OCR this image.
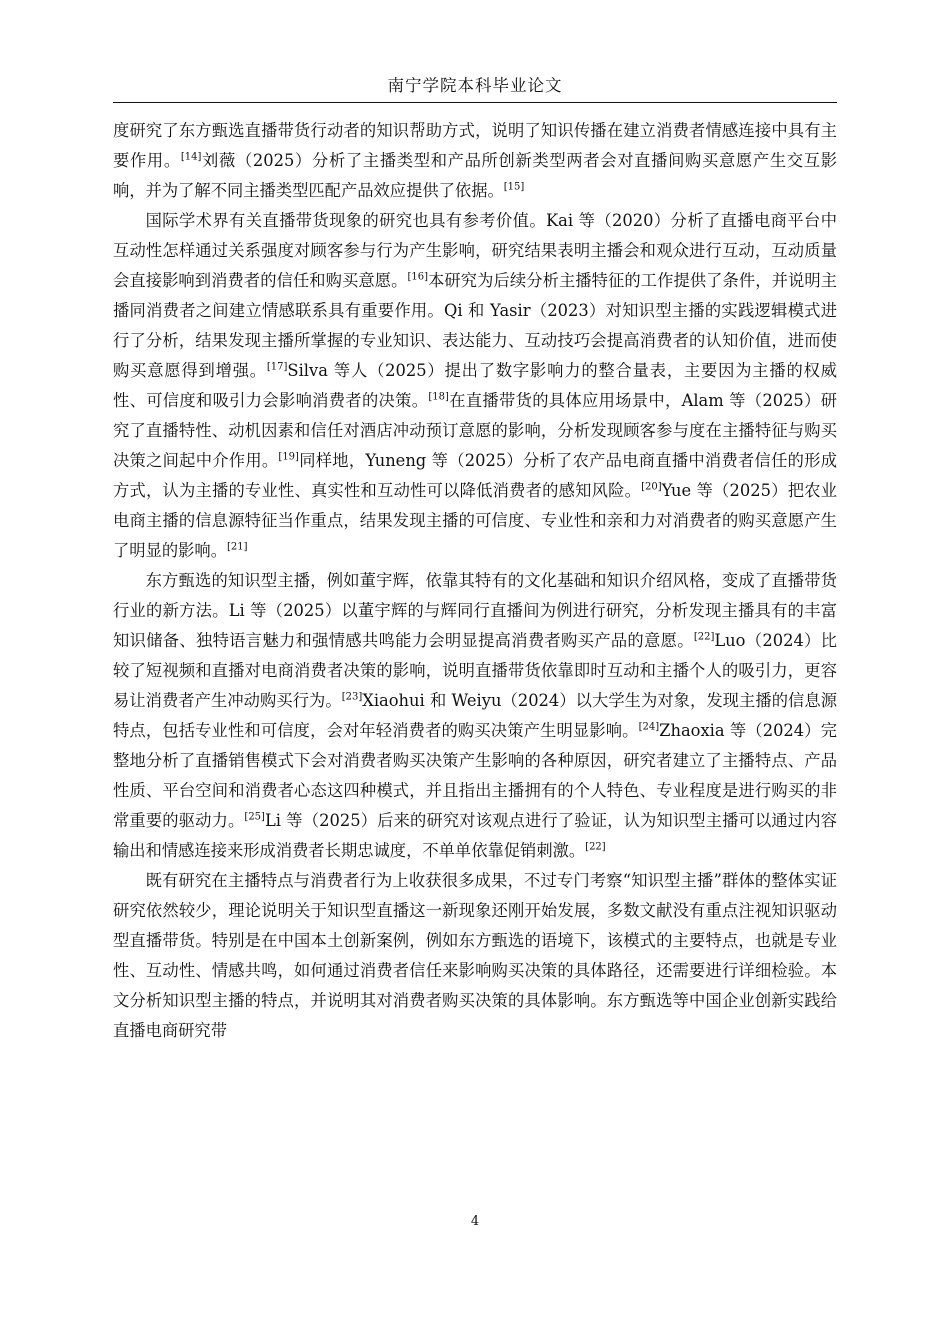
南宁学院本科毕业论文

度研究了东方甄选直播带货行动者的知识帮助方式，说明了知识传播在建立消费者情感连接中具有主要作用。[14]刘薇（2025）分析了主播类型和产品所创新类型两者会对直播间购买意愿产生交互影响，并为了解不同主播类型匹配产品效应提供了依据。[15]

国际学术界有关直播带货现象的研究也具有参考价值。Kai 等（2020）分析了直播电商平台中互动性怎样通过关系强度对顾客参与行为产生影响，研究结果表明主播会和观众进行互动，互动质量会直接影响到消费者的信任和购买意愿。[16]本研究为后续分析主播特征的工作提供了条件，并说明主播同消费者之间建立情感联系具有重要作用。Qi 和 Yasir（2023）对知识型主播的实践逻辑模式进行了分析，结果发现主播所掌握的专业知识、表达能力、互动技巧会提高消费者的认知价值，进而使购买意愿得到增强。[17]Silva 等人（2025）提出了数字影响力的整合量表，主要因为主播的权威性、可信度和吸引力会影响消费者的决策。[18]在直播带货的具体应用场景中，Alam 等（2025）研究了直播特性、动机因素和信任对酒店冲动预订意愿的影响，分析发现顾客参与度在主播特征与购买决策之间起中介作用。[19]同样地，Yuneng 等（2025）分析了农产品电商直播中消费者信任的形成方式，认为主播的专业性、真实性和互动性可以降低消费者的感知风险。[20]Yue 等（2025）把农业电商主播的信息源特征当作重点，结果发现主播的可信度、专业性和亲和力对消费者的购买意愿产生了明显的影响。[21]

东方甄选的知识型主播，例如董宇辉，依靠其特有的文化基础和知识介绍风格，变成了直播带货行业的新方法。Li 等（2025）以董宇辉的与辉同行直播间为例进行研究，分析发现主播具有的丰富知识储备、独特语言魅力和强情感共鸣能力会明显提高消费者购买产品的意愿。[22]Luo（2024）比较了短视频和直播对电商消费者决策的影响，说明直播带货依靠即时互动和主播个人的吸引力，更容易让消费者产生冲动购买行为。[23]Xiaohui 和 Weiyu（2024）以大学生为对象，发现主播的信息源特点，包括专业性和可信度，会对年轻消费者的购买决策产生明显影响。[24]Zhaoxia 等（2024）完整地分析了直播销售模式下会对消费者购买决策产生影响的各种原因，研究者建立了主播特点、产品性质、平台空间和消费者心态这四种模式，并且指出主播拥有的个人特色、专业程度是进行购买的非常重要的驱动力。[25]Li 等（2025）后来的研究对该观点进行了验证，认为知识型主播可以通过内容输出和情感连接来形成消费者长期忠诚度，不单单依靠促销刺激。[22]

既有研究在主播特点与消费者行为上收获很多成果，不过专门考察“知识型主播”群体的整体实证研究依然较少，理论说明关于知识型直播这一新现象还刚开始发展，多数文献没有重点注视知识驱动型直播带货。特别是在中国本土创新案例，例如东方甄选的语境下，该模式的主要特点，也就是专业性、互动性、情感共鸣，如何通过消费者信任来影响购买决策的具体路径，还需要进行详细检验。本文分析知识型主播的特点，并说明其对消费者购买决策的具体影响。东方甄选等中国企业创新实践给直播电商研究带

4
